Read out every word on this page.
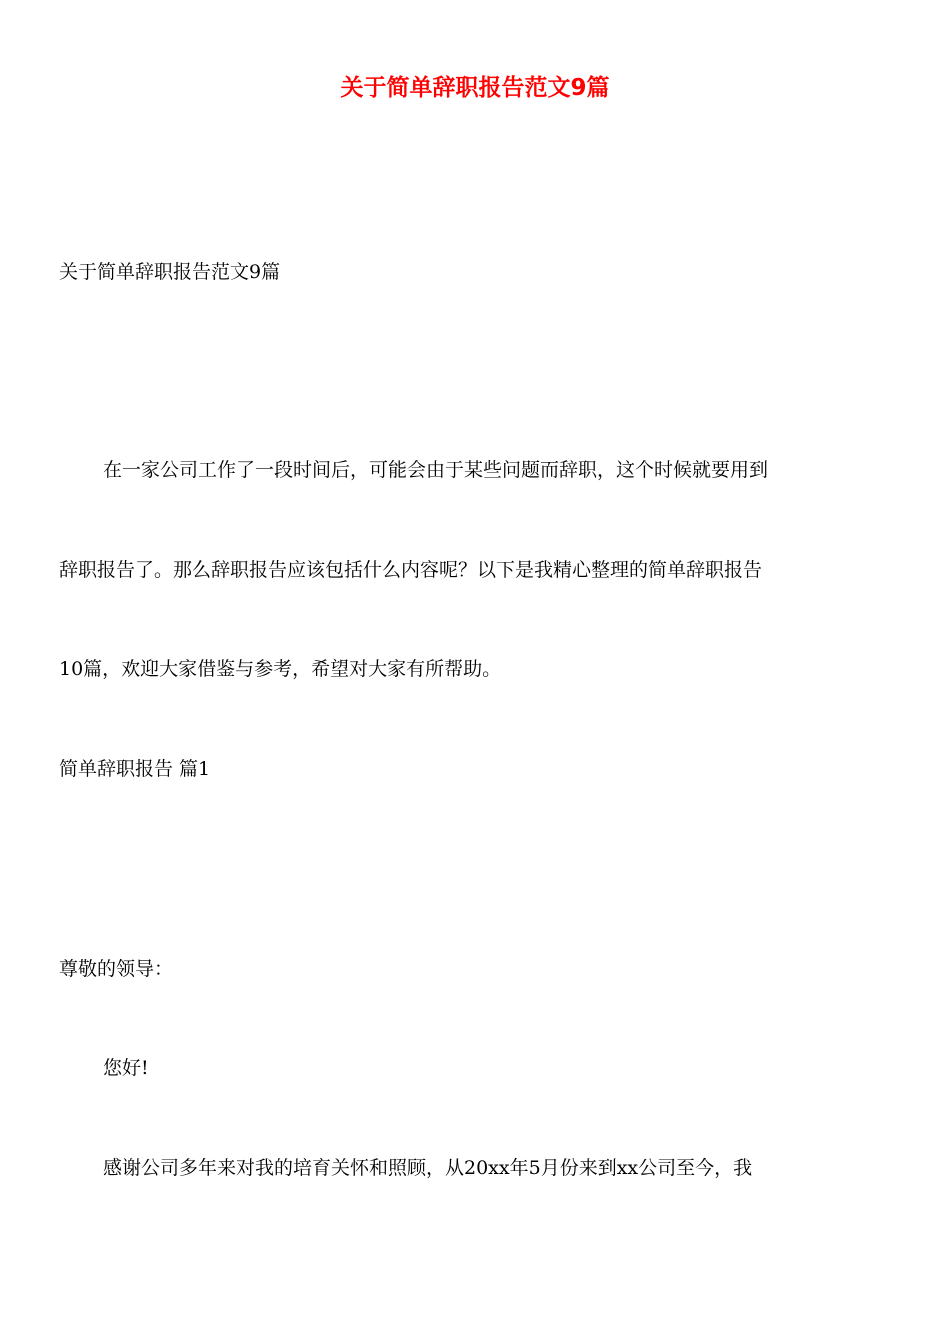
关于简单辞职报告范文9篇
关于简单辞职报告范文9篇
在一家公司工作了一段时间后，可能会由于某些问题而辞职，这个时候就要用到
辞职报告了。那么辞职报告应该包括什么内容呢？以下是我精心整理的简单辞职报告
10篇，欢迎大家借鉴与参考，希望对大家有所帮助。
简单辞职报告 篇1
尊敬的领导：
您好!
感谢公司多年来对我的培育关怀和照顾，从20xx年5月份来到xx公司至今，我
